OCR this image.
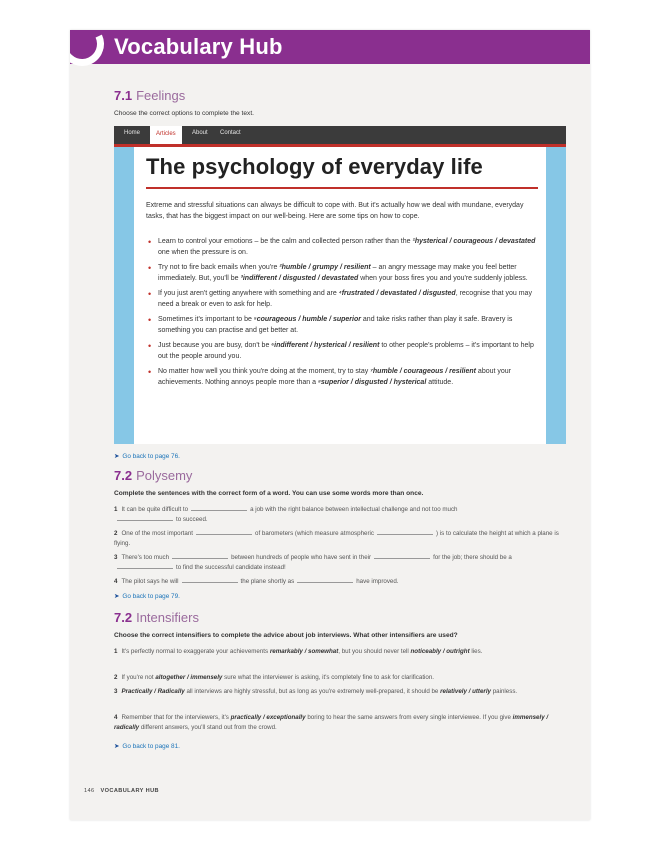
Vocabulary Hub
7.1 Feelings
Choose the correct options to complete the text.
Home	Articles	About Contact
The psychology of everyday life
Extreme and stressful situations can always be difficult to cope with. But it's actually how we deal with mundane, everyday tasks, that has the biggest impact on our well-being. Here are some tips on how to cope.
• Learn to control your emotions – be the calm and collected person rather than the ¹hysterical / courageous / devastated one when the pressure is on.
• Try not to fire back emails when you're ²humble / grumpy / resilient – an angry message may make you feel better immediately. But, you'll be ³indifferent / disgusted / devastated when your boss fires you and you're suddenly jobless.
• If you just aren't getting anywhere with something and are ⁴frustrated / devastated / disgusted, recognise that you may need a break or even to ask for help.
• Sometimes it's important to be ⁵courageous / humble / superior and take risks rather than play it safe. Bravery is something you can practise and get better at.
• Just because you are busy, don't be ⁶indifferent / hysterical / resilient to other people's problems – it's important to help out the people around you.
• No matter how well you think you're doing at the moment, try to stay ⁷humble / courageous / resilient about your achievements. Nothing annoys people more than a ⁸superior / disgusted / hysterical attitude.
➤ Go back to page 76.
7.2 Polysemy
Complete the sentences with the correct form of a word. You can use some words more than once.
1 It can be quite difficult to	a job with the right balance between intellectual challenge and not too much
to succeed.
2 One of the most important	of barometers (which measure atmospheric	) is to calculate the height at which a plane is flying.
3 There's too much	between hundreds of people who have sent in their	for the job; there should be ato find the successful candidate instead!
4 The pilot says he will	the plane shortly as	have improved.
➤ Go back to page 79.
7.2 Intensifiers
Choose the correct intensifiers to complete the advice about job interviews. What other intensifiers are used?
1 It's perfectly normal to exaggerate your achievements remarkably / somewhat, but you should never tell noticeably / outright lies.
2 If you're not altogether / immensely sure what the interviewer is asking, it's completely fine to ask for clarification.
3 Practically / Radically all interviews are highly stressful, but as long as you're extremely well-prepared, it should be relatively / utterly painless.
4 Remember that for the interviewers, it's practically / exceptionally boring to hear the same answers from every single interviewee. If you give immensely / radically different answers, you'll stand out from the crowd.
➤ Go back to page 81.
146 VOCABULARY HUB
